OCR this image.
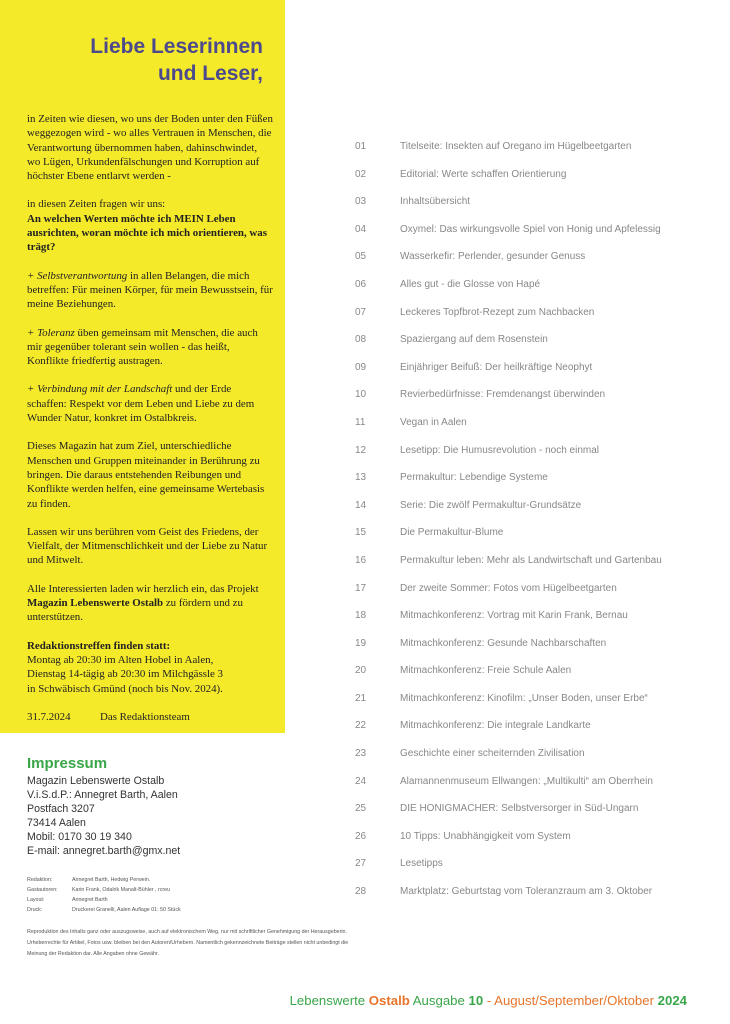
Liebe Leserinnen
und Leser,

in Zeiten wie diesen, wo uns der Boden unter den Füßen weggezogen wird - wo alles Vertrauen in Menschen, die Verantwortung übernommen haben, dahinschwindet, wo Lügen, Urkundenfälschungen und Korruption auf höchster Ebene entlarvt werden -

in diesen Zeiten fragen wir uns:
An welchen Werten möchte ich MEIN Leben ausrichten, woran möchte ich mich orientieren, was trägt?

+ Selbstverantwortung in allen Belangen, die mich betreffen: Für meinen Körper, für mein Bewusstsein, für meine Beziehungen.

+ Toleranz üben gemeinsam mit Menschen, die auch mir gegenüber tolerant sein wollen - das heißt, Konflikte friedfertig austragen.

+ Verbindung mit der Landschaft und der Erde schaffen: Respekt vor dem Leben und Liebe zu dem Wunder Natur, konkret im Ostalbkreis.

Dieses Magazin hat zum Ziel, unterschiedliche Menschen und Gruppen miteinander in Berührung zu bringen. Die daraus entstehenden Reibungen und Konflikte werden helfen, eine gemeinsame Wertebasis zu finden.

Lassen wir uns berühren vom Geist des Friedens, der Vielfalt, der Mitmenschlichkeit und der Liebe zu Natur und Mitwelt.

Alle Interessierten laden wir herzlich ein, das Projekt Magazin Lebenswerte Ostalb zu fördern und zu unterstützen.

Redaktionstreffen finden statt:
Montag ab 20:30 im Alten Hobel in Aalen,
Dienstag 14-tägig ab 20:30 im Milchgässle 3
in Schwäbisch Gmünd (noch bis Nov. 2024).

31.7.2024	Das Redaktionsteam
Impressum
Magazin Lebenswerte Ostalb
V.i.S.d.P.: Annegret Barth, Aalen
Postfach 3207
73414 Aalen
Mobil: 0170 30 19 340
E-mail: annegret.barth@gmx.net
Redaktion:	Annegret Barth, Hedwig Perwein.
Gastautoren:	Karin Frank, Odalrik Manalt-Bühler , rcreu
Layout:	Annegret Barth
Druck:	Druckerei Granelli, Aalen Auflage 01: 50 Stück
Reproduktion des Inhalts ganz oder auszugsweise, auch auf elektronischem Weg, nur mit schriftlicher Genehmigung der Herausgeberin.
Urheberrechte für Artikel, Fotos usw. bleiben bei den Autoren/Urhebern. Namentlich gekennzeichnete Beiträge stellen nicht unbedingt die
Meinung der Redaktion dar. Alle Angaben ohne Gewähr.
01	Titelseite: Insekten auf Oregano im Hügelbeetgarten
02	Editorial: Werte schaffen Orientierung
03	Inhaltsübersicht
04	Oxymel: Das wirkungsvolle Spiel von Honig und Apfelessig
05	Wasserkefir: Perlender, gesunder Genuss
06	Alles gut - die Glosse von Hapé
07	Leckeres Topfbrot-Rezept zum Nachbacken
08	Spaziergang auf dem Rosenstein
09	Einjähriger Beifuß: Der heilkräftige Neophyt
10	Revierbedürfnisse: Fremdenangst überwinden
11	Vegan in Aalen
12	Lesetipp: Die Humusrevolution - noch einmal
13	Permakultur: Lebendige Systeme
14	Serie: Die zwölf Permakultur-Grundsätze
15	Die Permakultur-Blume
16	Permakultur leben: Mehr als Landwirtschaft und Gartenbau
17	Der zweite Sommer: Fotos vom Hügelbeetgarten
18	Mitmachkonferenz: Vortrag mit Karin Frank, Bernau
19	Mitmachkonferenz: Gesunde Nachbarschaften
20	Mitmachkonferenz: Freie Schule Aalen
21	Mitmachkonferenz: Kinofilm: „Unser Boden, unser Erbe“
22	Mitmachkonferenz: Die integrale Landkarte
23	Geschichte einer scheiternden Zivilisation
24	Alamannenmuseum Ellwangen: „Multikulti“ am Oberrhein
25	DIE HONIGMACHER: Selbstversorger in Süd-Ungarn
26	10 Tipps: Unabhängigkeit vom System
27	Lesetipps
28	Marktplatz: Geburtstag vom Toleranzraum am 3. Oktober
Lebenswerte Ostalb Ausgabe 10 - August/September/Oktober 2024
